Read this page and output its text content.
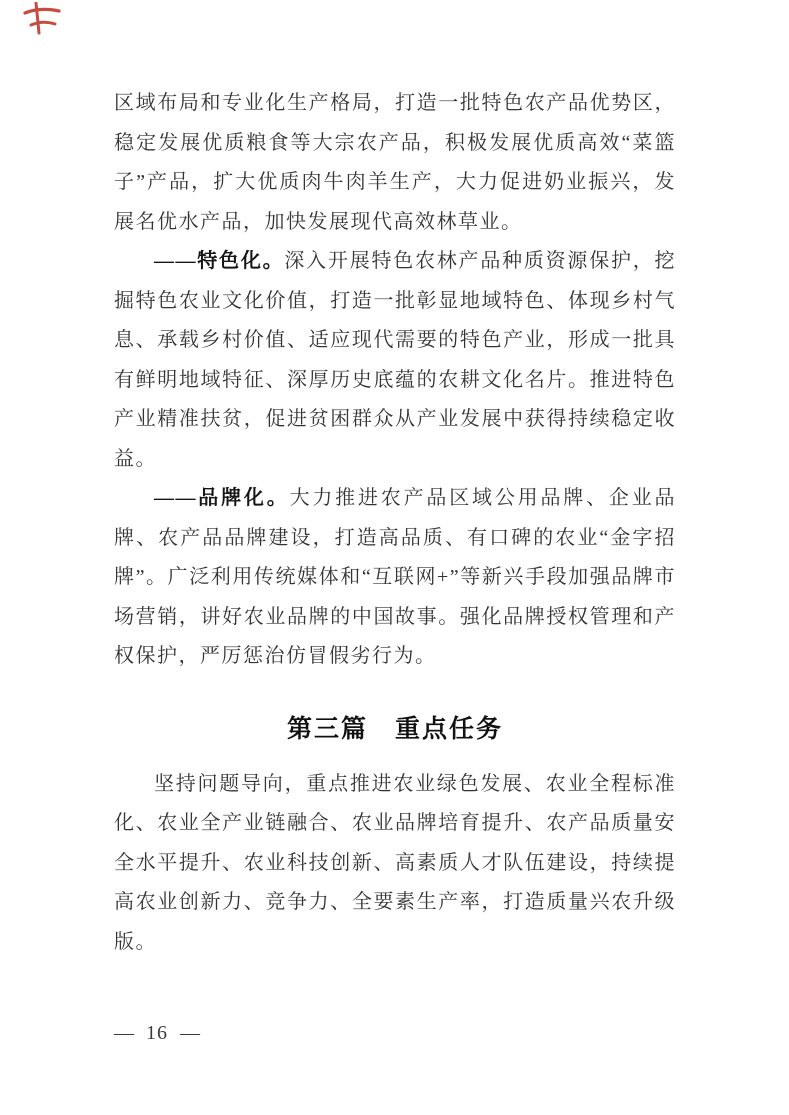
区域布局和专业化生产格局，打造一批特色农产品优势区，稳定发展优质粮食等大宗农产品，积极发展优质高效“菜篮子”产品，扩大优质肉牛肉羊生产，大力促进奶业振兴，发展名优水产品，加快发展现代高效林草业。

——特色化。深入开展特色农林产品种质资源保护，挖掘特色农业文化价值，打造一批彰显地域特色、体现乡村气息、承载乡村价值、适应现代需要的特色产业，形成一批具有鲜明地域特征、深厚历史底蕴的农耕文化名片。推进特色产业精准扶贫，促进贫困群众从产业发展中获得持续稳定收益。

——品牌化。大力推进农产品区域公用品牌、企业品牌、农产品品牌建设，打造高品质、有口碑的农业“金字招牌”。广泛利用传统媒体和“互联网+”等新兴手段加强品牌市场营销，讲好农业品牌的中国故事。强化品牌授权管理和产权保护，严厉惩治仿冒假劣行为。

第三篇　重点任务

坚持问题导向，重点推进农业绿色发展、农业全程标准化、农业全产业链融合、农业品牌培育提升、农产品质量安全水平提升、农业科技创新、高素质人才队伍建设，持续提高农业创新力、竞争力、全要素生产率，打造质量兴农升级版。

— 16 —
